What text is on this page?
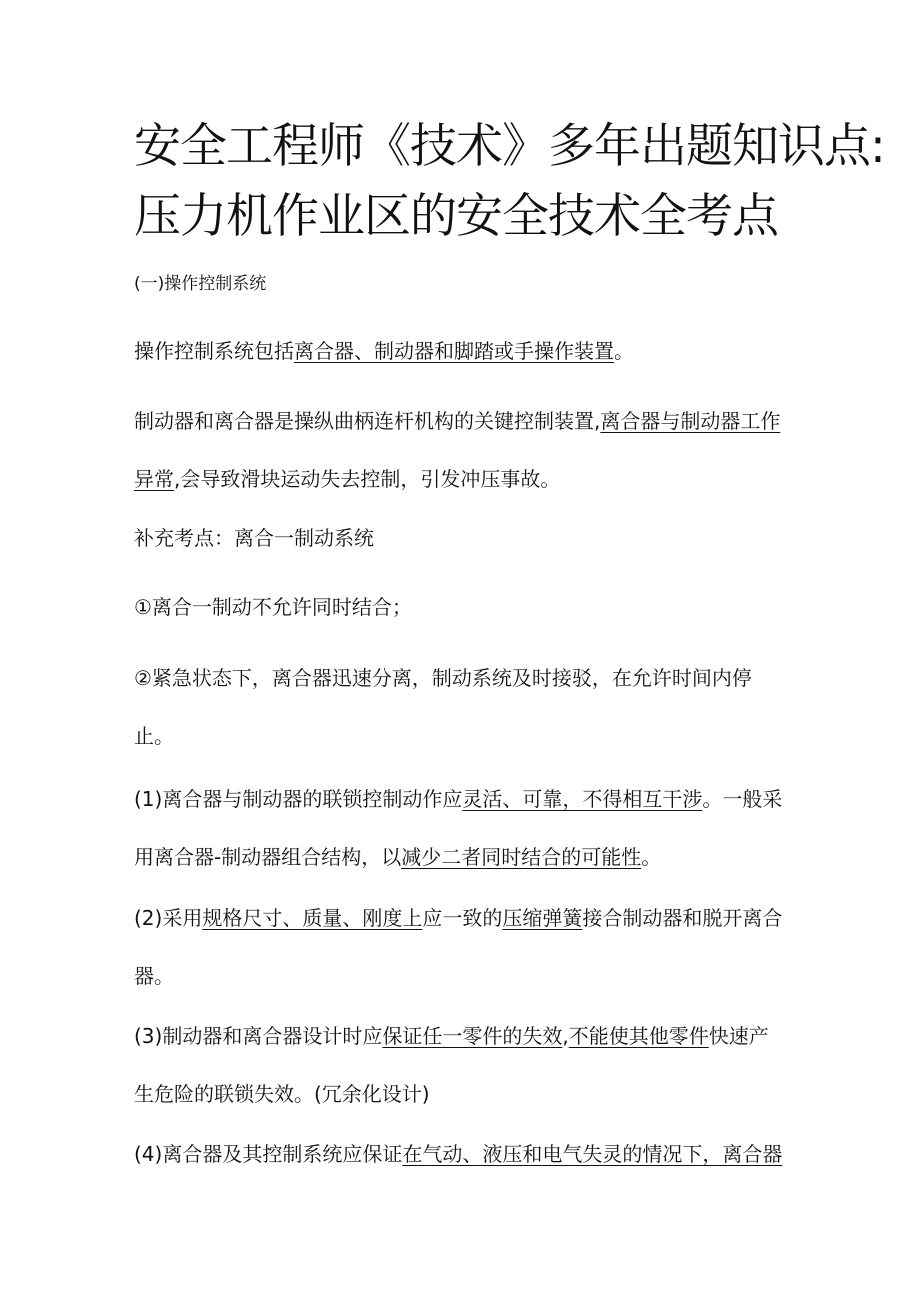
安全工程师《技术》多年出题知识点:
压力机作业区的安全技术全考点

(一)操作控制系统

操作控制系统包括离合器、制动器和脚踏或手操作装置。

制动器和离合器是操纵曲柄连杆机构的关键控制装置,离合器与制动器工作
异常,会导致滑块运动失去控制，引发冲压事故。

补充考点：离合一制动系统

①离合一制动不允许同时结合；

②紧急状态下，离合器迅速分离，制动系统及时接驳，在允许时间内停
止。

(1)离合器与制动器的联锁控制动作应灵活、可靠，不得相互干涉。一般采
用离合器-制动器组合结构，以减少二者同时结合的可能性。

(2)采用规格尺寸、质量、刚度上应一致的压缩弹簧接合制动器和脱开离合
器。

(3)制动器和离合器设计时应保证任一零件的失效,不能使其他零件快速产
生危险的联锁失效。(冗余化设计)

(4)离合器及其控制系统应保证在气动、液压和电气失灵的情况下，离合器
